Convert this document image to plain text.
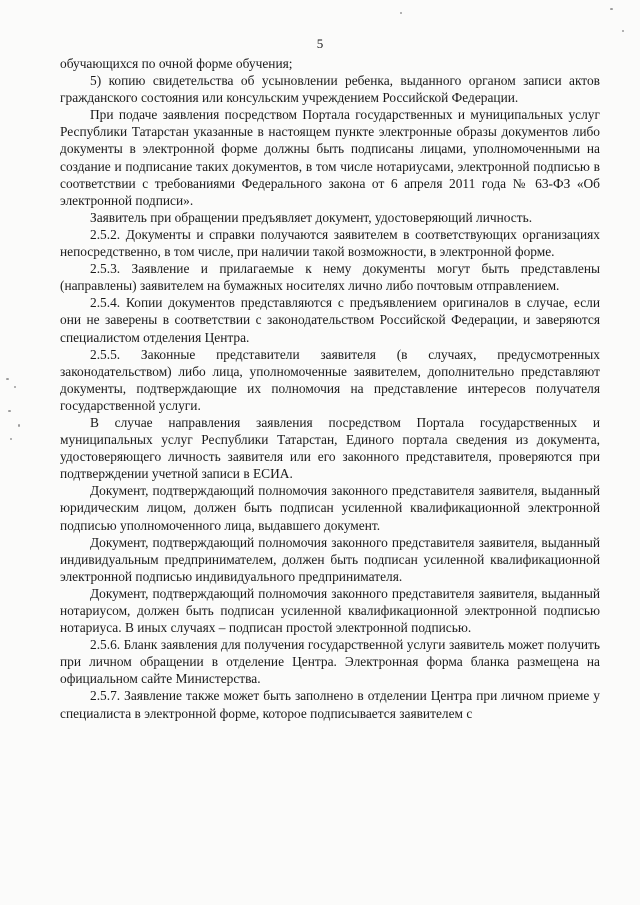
5

обучающихся по очной форме обучения;

5) копию свидетельства об усыновлении ребенка, выданного органом записи актов гражданского состояния или консульским учреждением Российской Федерации.

При подаче заявления посредством Портала государственных и муниципальных услуг Республики Татарстан указанные в настоящем пункте электронные образы документов либо документы в электронной форме должны быть подписаны лицами, уполномоченными на создание и подписание таких документов, в том числе нотариусами, электронной подписью в соответствии с требованиями Федерального закона от 6 апреля 2011 года № 63-ФЗ «Об электронной подписи».

Заявитель при обращении предъявляет документ, удостоверяющий личность.

2.5.2. Документы и справки получаются заявителем в соответствующих организациях непосредственно, в том числе, при наличии такой возможности, в электронной форме.

2.5.3. Заявление и прилагаемые к нему документы могут быть представлены (направлены) заявителем на бумажных носителях лично либо почтовым отправлением.

2.5.4. Копии документов представляются с предъявлением оригиналов в случае, если они не заверены в соответствии с законодательством Российской Федерации, и заверяются специалистом отделения Центра.

2.5.5. Законные представители заявителя (в случаях, предусмотренных законодательством) либо лица, уполномоченные заявителем, дополнительно представляют документы, подтверждающие их полномочия на представление интересов получателя государственной услуги.

В случае направления заявления посредством Портала государственных и муниципальных услуг Республики Татарстан, Единого портала сведения из документа, удостоверяющего личность заявителя или его законного представителя, проверяются при подтверждении учетной записи в ЕСИА.

Документ, подтверждающий полномочия законного представителя заявителя, выданный юридическим лицом, должен быть подписан усиленной квалификационной электронной подписью уполномоченного лица, выдавшего документ.

Документ, подтверждающий полномочия законного представителя заявителя, выданный индивидуальным предпринимателем, должен быть подписан усиленной квалификационной электронной подписью индивидуального предпринимателя.

Документ, подтверждающий полномочия законного представителя заявителя, выданный нотариусом, должен быть подписан усиленной квалификационной электронной подписью нотариуса. В иных случаях – подписан простой электронной подписью.

2.5.6. Бланк заявления для получения государственной услуги заявитель может получить при личном обращении в отделение Центра. Электронная форма бланка размещена на официальном сайте Министерства.

2.5.7. Заявление также может быть заполнено в отделении Центра при личном приеме у специалиста в электронной форме, которое подписывается заявителем с
